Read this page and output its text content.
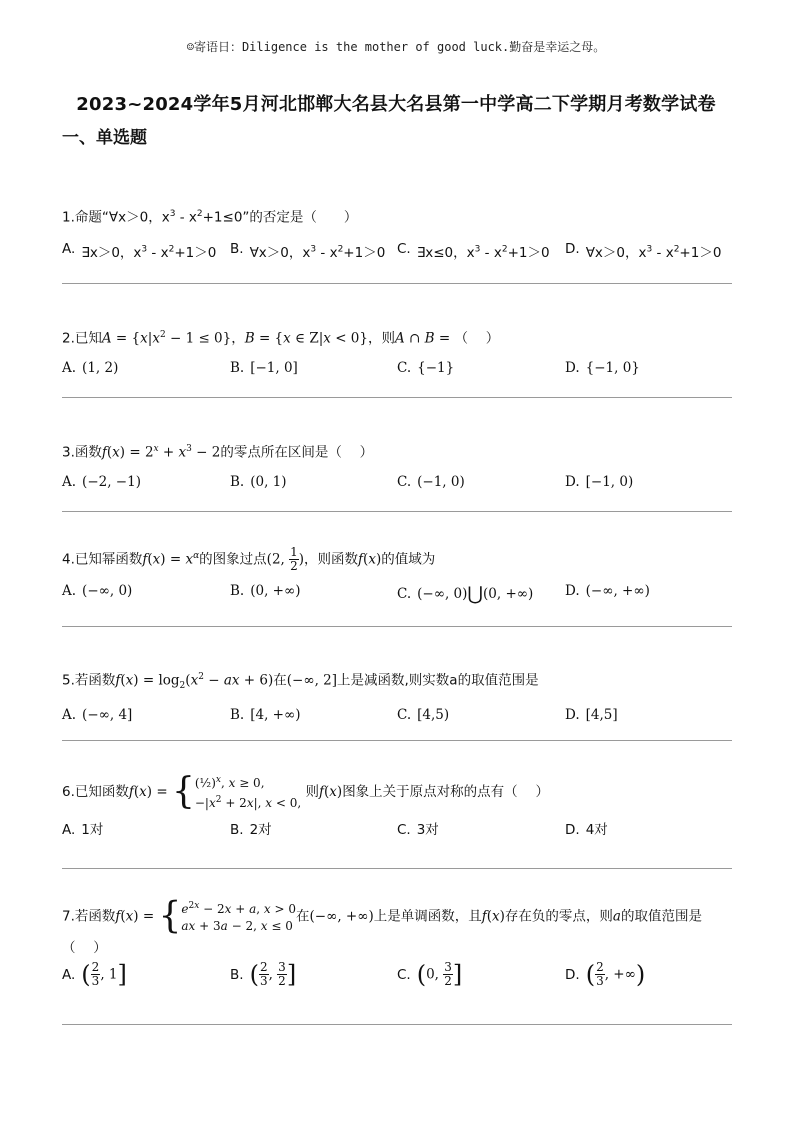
☺寄语日：Diligence is the mother of good luck.勤奋是幸运之母。
2023~2024学年5月河北邯郸大名县大名县第一中学高二下学期月考数学试卷
一、单选题
1.命题“∀x＞0，$x^3 - x^2+1\le 0$”的否定是（　　）
A. ∃x＞0，$x^3 - x^2+1>0$ B. ∀x＞0，$x^3 - x^2+1>0$ C. ∃x≤0，$x^3 - x^2+1>0$ D. ∀x＞0，$x^3 - x^2+1>0$
2.已知$A = \{x|x^2 - 1 \le 0\}$，B = {x ∈ Z|x < 0}，则A ∩ B = （　 ）
A. (1, 2)	B. [−1, 0]	C. {−1}	D. {−1, 0}
3.函数$f(x) = 2^x + x^3 - 2$的零点所在区间是（　 ）
A. (−2, −1)	B. (0, 1)	C. (−1, 0)	D. [−1, 0)
4.已知幂函数$f(x) = x^\alpha$的图象过点(2, $\frac{1}{2}$ )，则函数f(x)的值域为
A. (−∞, 0)	B. (0, +∞)	C. (−∞, 0)⋃(0, +∞) D. (−∞, +∞)
5.若函数$f(x) = \log_2(x^2$ − ax + 6)在(−∞, 2]上是减函数,则实数a的取值范围是
A. (−∞, 4]	B. [4, +∞)	C. [4,5)	D. [4,5]
6.已知函数f(x) = { (½)$^x$, x ≥ 0,
$-|x^2 + 2x|$, x < 0,
则f(x)图象上关于原点对称的点有（　 ）
A. 1对	B. 2对	C. 3对	D. 4对
7.若函数f(x) = { $e^{2x} - 2x + a$, x > 0
ax + 3a − 2, x ≤ 0
在(−∞, +∞)上是单调函数，且f(x)存在负的零点，则a的取值范围是
（　 ）
A. ( $\frac{2}{3}$ , 1]	B. ( $\frac{2}{3}$ , $\frac{3}{2}$ ]	C. (0, $\frac{3}{2}$ ]	D. ( $\frac{2}{3}$ , +∞)
